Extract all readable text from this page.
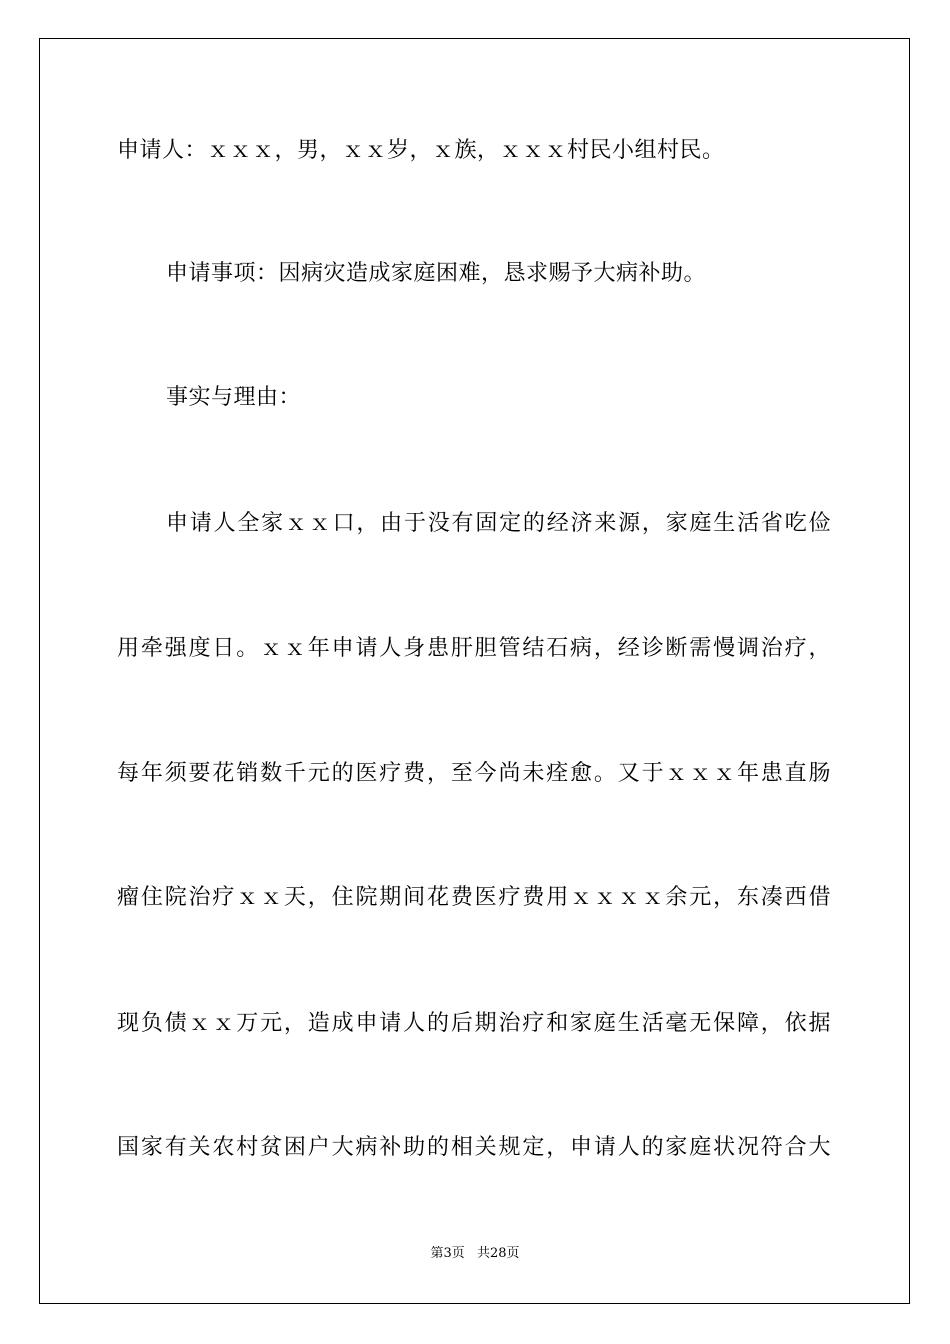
申请人：ｘｘｘ，男，ｘｘ岁，ｘ族，ｘｘｘ村民小组村民。
申请事项：因病灾造成家庭困难，恳求赐予大病补助。
事实与理由：
申请人全家ｘｘ口，由于没有固定的经济来源，家庭生活省吃俭
用牵强度日。ｘｘ年申请人身患肝胆管结石病，经诊断需慢调治疗，
每年须要花销数千元的医疗费，至今尚未痊愈。又于ｘｘｘ年患直肠
瘤住院治疗ｘｘ天，住院期间花费医疗费用ｘｘｘｘ余元，东凑西借
现负债ｘｘ万元，造成申请人的后期治疗和家庭生活毫无保障，依据
国家有关农村贫困户大病补助的相关规定，申请人的家庭状况符合大
第3页 共28页
